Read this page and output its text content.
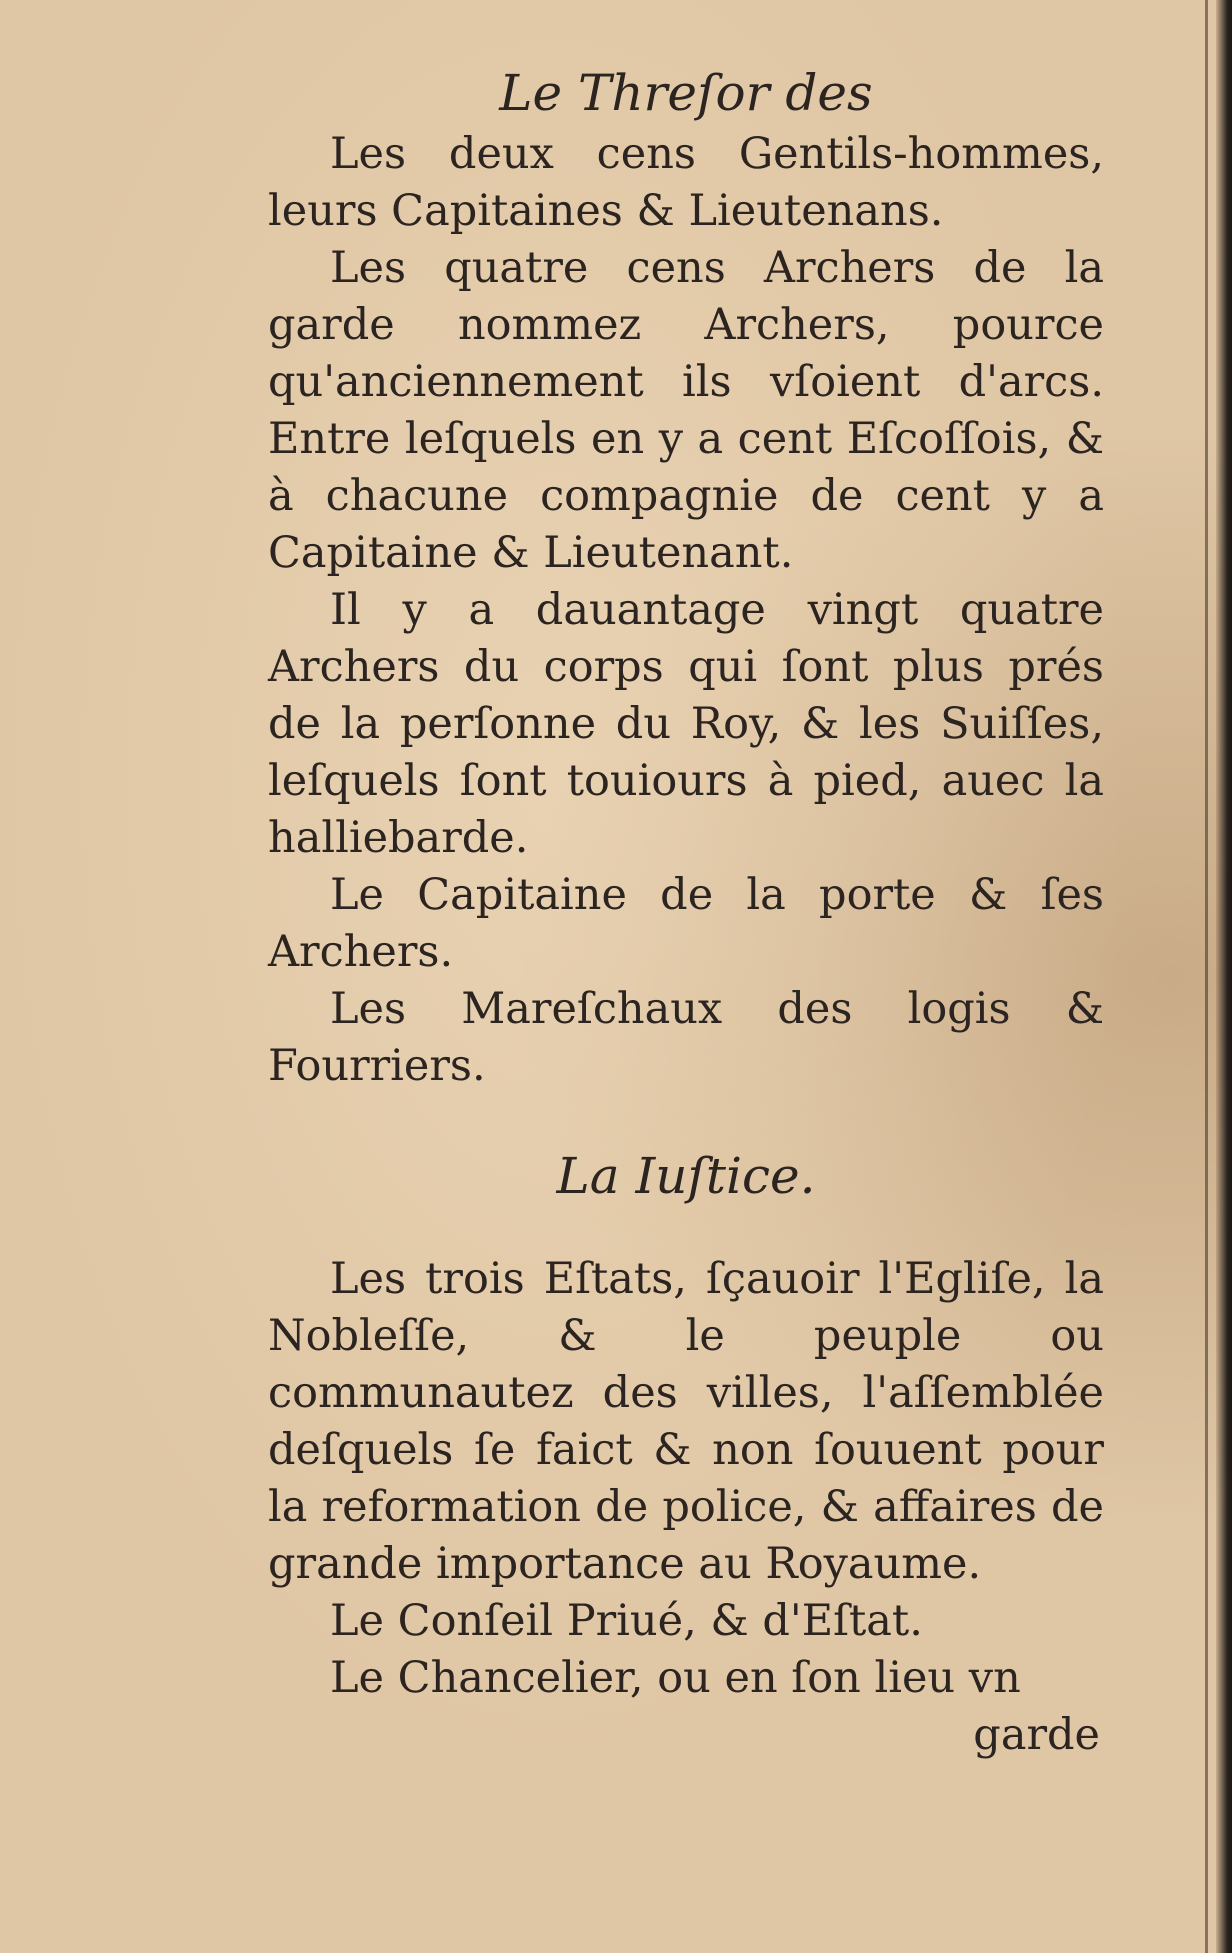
Le Threſor des

Les deux cens Gentils-hommes, leurs Capitaines & Lieutenans.

Les quatre cens Archers de la garde nommez Archers, pource qu'anciennement ils vſoient d'arcs. Entre leſquels en y a cent Eſcoſſois, & à chacune compagnie de cent y a Capitaine & Lieutenant.

Il y a dauantage vingt quatre Archers du corps qui ſont plus prés de la perſonne du Roy, & les Suiſſes, leſquels ſont touiours à pied, auec la halliebarde.

Le Capitaine de la porte & ſes Archers.

Les Mareſchaux des logis & Fourriers.

La Iuſtice.

Les trois Eſtats, ſçauoir l'Egliſe, la Nobleſſe, & le peuple ou communautez des villes, l'aſſemblée deſquels ſe faict & non ſouuent pour la reformation de police, & affaires de grande importance au Royaume.

Le Conſeil Priué, & d'Eſtat.

Le Chancelier, ou en ſon lieu vn

garde
